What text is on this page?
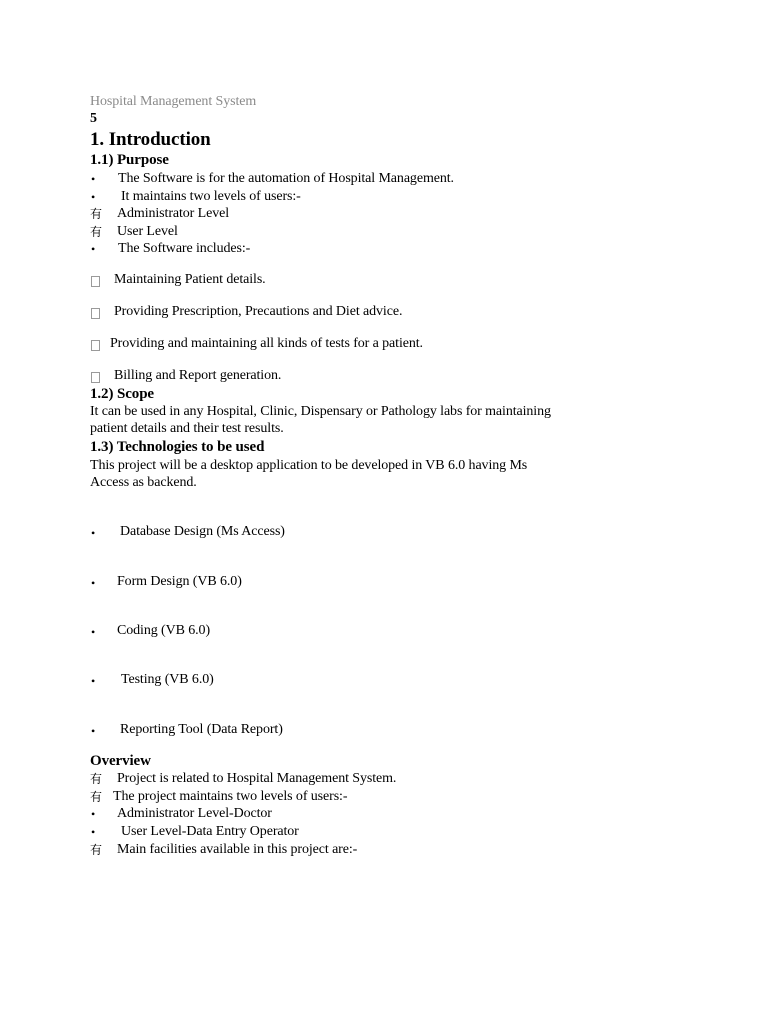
Hospital Management System
5
1. Introduction
1.1) Purpose
• The Software is for the automation of Hospital Management.
• It maintains two levels of users:-
有 Administrator Level
有 User Level
• The Software includes:-
Maintaining Patient details.
Providing Prescription, Precautions and Diet advice.
Providing and maintaining all kinds of tests for a patient.
Billing and Report generation.
1.2) Scope
It can be used in any Hospital, Clinic, Dispensary or Pathology labs for maintaining
patient details and their test results.
1.3) Technologies to be used
This project will be a desktop application to be developed in VB 6.0 having Ms
Access as backend.
• Database Design (Ms Access)
• Form Design (VB 6.0)
• Coding (VB 6.0)
• Testing (VB 6.0)
• Reporting Tool (Data Report)
Overview
有 Project is related to Hospital Management System.
有 The project maintains two levels of users:-
• Administrator Level-Doctor
• User Level-Data Entry Operator
有 Main facilities available in this project are:-
